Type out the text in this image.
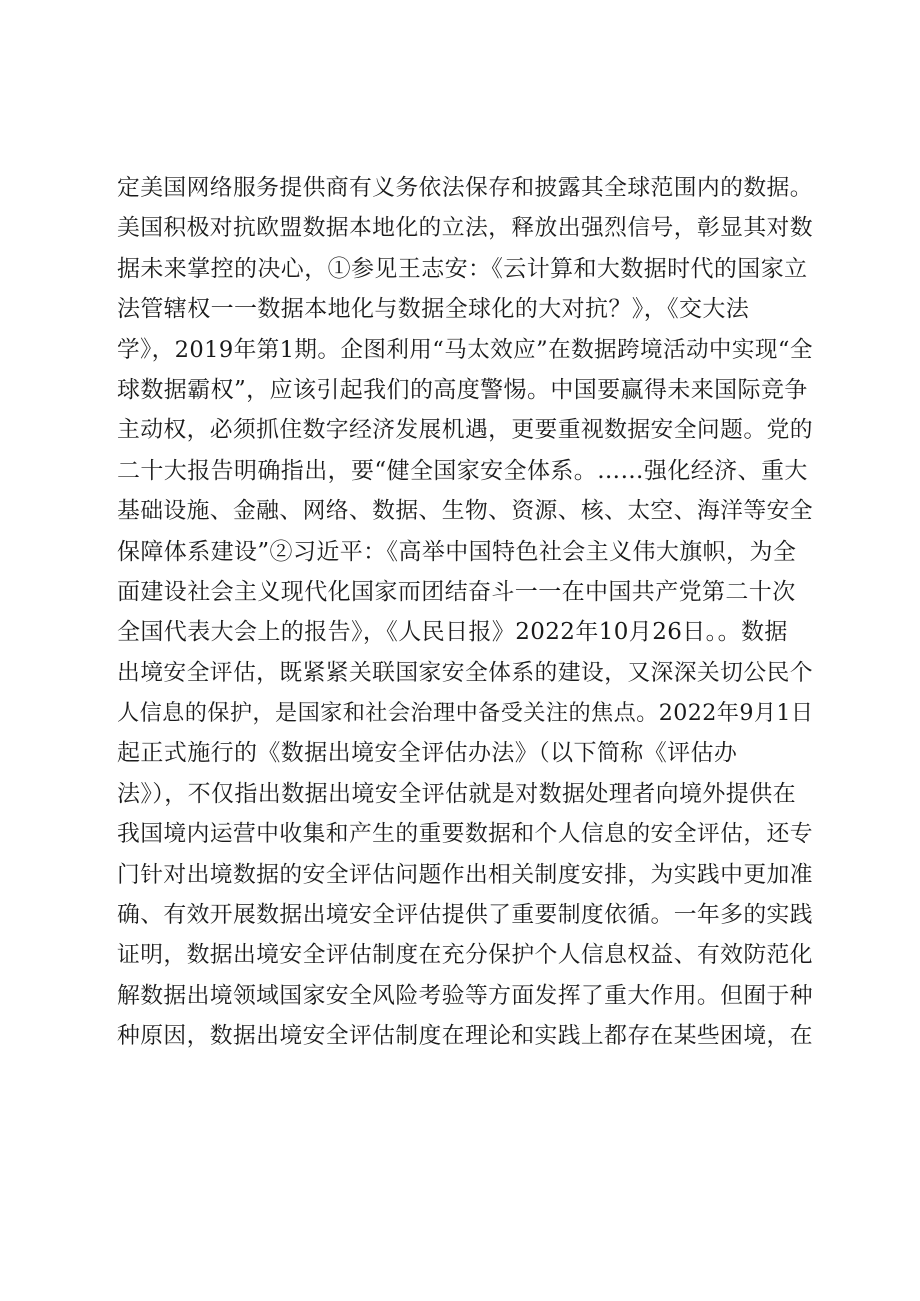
定美国网络服务提供商有义务依法保存和披露其全球范围内的数据。
美国积极对抗欧盟数据本地化的立法，释放出强烈信号，彰显其对数
据未来掌控的决心，①参见王志安：《云计算和大数据时代的国家立
法管辖权一一数据本地化与数据全球化的大对抗？》，《交大法
学》，2019年第1期。企图利用“马太效应”在数据跨境活动中实现“全
球数据霸权”，应该引起我们的高度警惕。中国要赢得未来国际竞争
主动权，必须抓住数字经济发展机遇，更要重视数据安全问题。党的
二十大报告明确指出，要“健全国家安全体系。……强化经济、重大
基础设施、金融、网络、数据、生物、资源、核、太空、海洋等安全
保障体系建设”②习近平：《高举中国特色社会主义伟大旗帜，为全
面建设社会主义现代化国家而团结奋斗一一在中国共产党第二十次
全国代表大会上的报告》，《人民日报》2022年10月26日。。数据
出境安全评估，既紧紧关联国家安全体系的建设，又深深关切公民个
人信息的保护，是国家和社会治理中备受关注的焦点。2022年9月1日
起正式施行的《数据出境安全评估办法》（以下简称《评估办
法》），不仅指出数据出境安全评估就是对数据处理者向境外提供在
我国境内运营中收集和产生的重要数据和个人信息的安全评估，还专
门针对出境数据的安全评估问题作出相关制度安排，为实践中更加准
确、有效开展数据出境安全评估提供了重要制度依循。一年多的实践
证明，数据出境安全评估制度在充分保护个人信息权益、有效防范化
解数据出境领域国家安全风险考验等方面发挥了重大作用。但囿于种
种原因，数据出境安全评估制度在理论和实践上都存在某些困境，在
